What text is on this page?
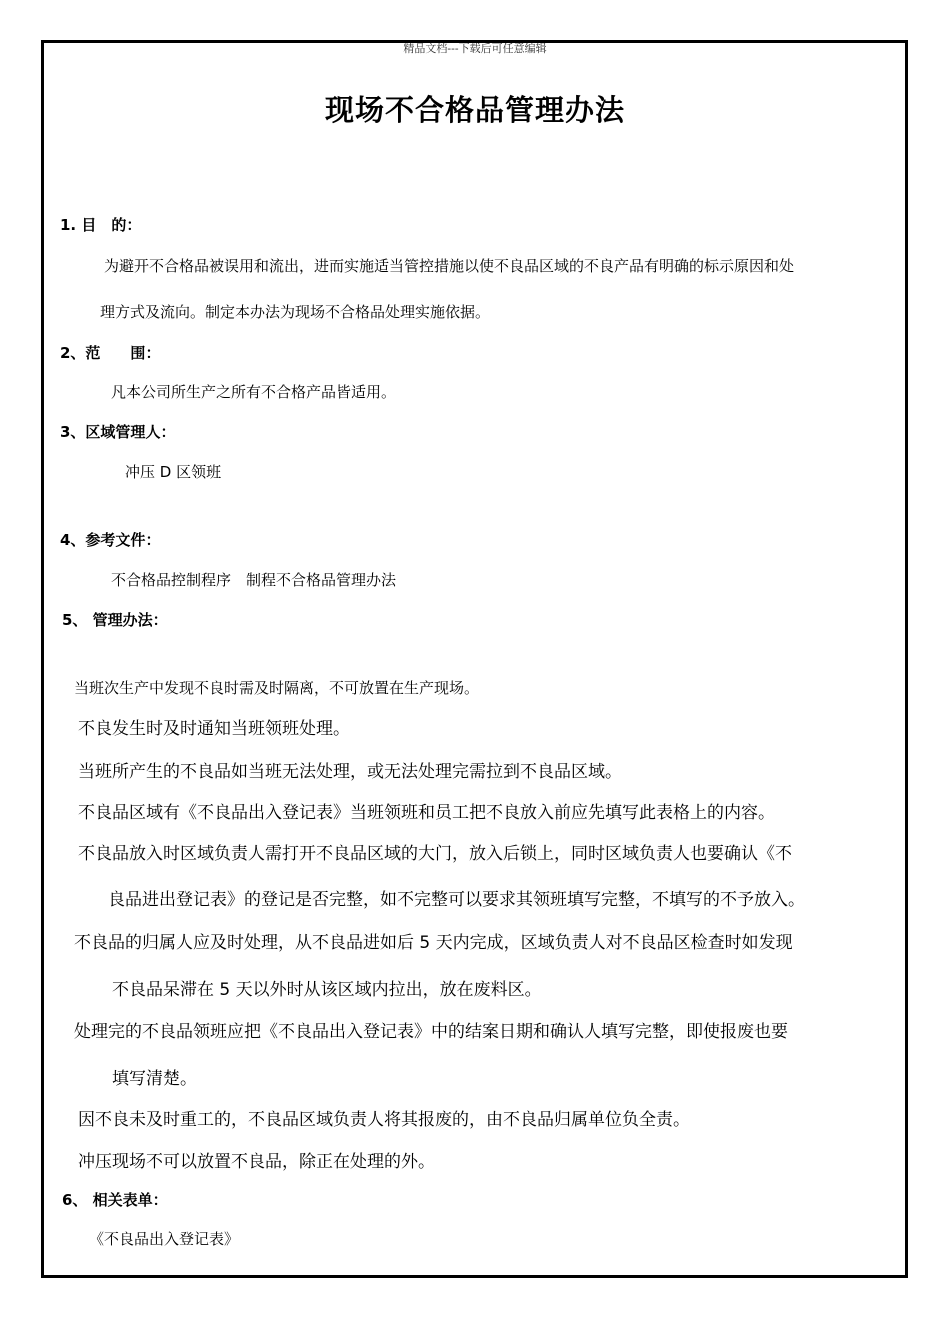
精品文档---下载后可任意编辑
现场不合格品管理办法
1. 目　的：
为避开不合格品被误用和流出，进而实施适当管控措施以使不良品区域的不良产品有明确的标示原因和处
理方式及流向。制定本办法为现场不合格品处理实施依据。
2、范　　围：
凡本公司所生产之所有不合格产品皆适用。
3、区域管理人：
冲压 D 区领班
4、参考文件：
不合格品控制程序　制程不合格品管理办法
5、 管理办法：
当班次生产中发现不良时需及时隔离，不可放置在生产现场。
不良发生时及时通知当班领班处理。
当班所产生的不良品如当班无法处理，或无法处理完需拉到不良品区域。
不良品区域有《不良品出入登记表》当班领班和员工把不良放入前应先填写此表格上的内容。
不良品放入时区域负责人需打开不良品区域的大门，放入后锁上，同时区域负责人也要确认《不
良品进出登记表》的登记是否完整，如不完整可以要求其领班填写完整，不填写的不予放入。
不良品的归属人应及时处理，从不良品进如后 5 天内完成，区域负责人对不良品区检查时如发现
不良品呆滞在 5 天以外时从该区域内拉出，放在废料区。
处理完的不良品领班应把《不良品出入登记表》中的结案日期和确认人填写完整，即使报废也要
填写清楚。
因不良未及时重工的，不良品区域负责人将其报废的，由不良品归属单位负全责。
冲压现场不可以放置不良品，除正在处理的外。
6、 相关表单：
《不良品出入登记表》
